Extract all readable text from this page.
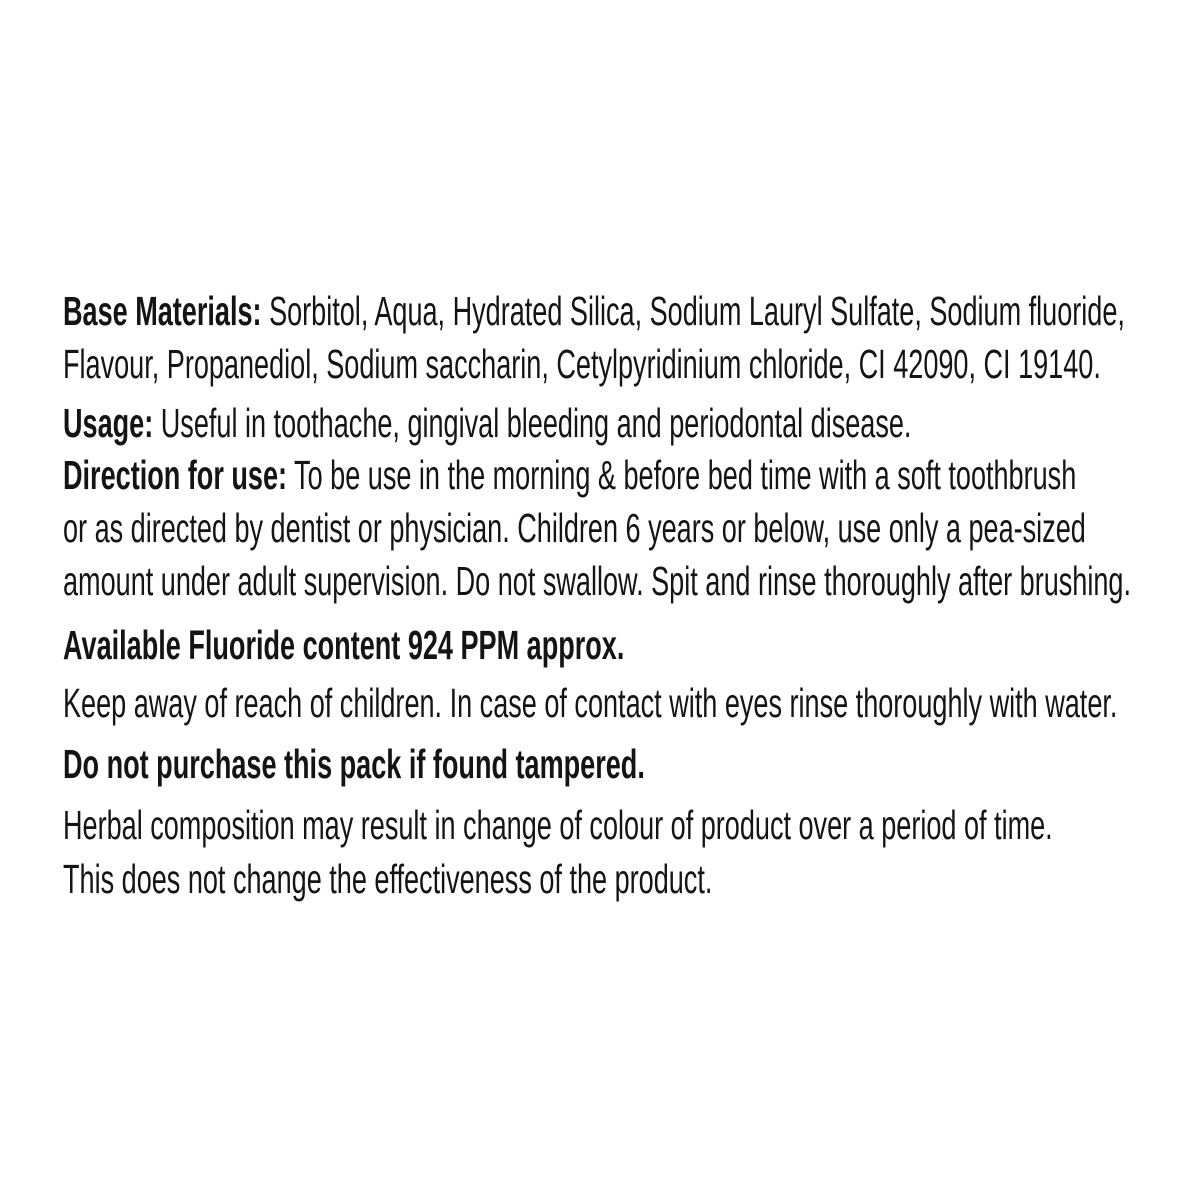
Base Materials: Sorbitol, Aqua, Hydrated Silica, Sodium Lauryl Sulfate, Sodium fluoride,
Flavour, Propanediol, Sodium saccharin, Cetylpyridinium chloride, CI 42090, CI 19140.
Usage: Useful in toothache, gingival bleeding and periodontal disease.
Direction for use: To be use in the morning & before bed time with a soft toothbrush
or as directed by dentist or physician. Children 6 years or below, use only a pea-sized
amount under adult supervision. Do not swallow. Spit and rinse thoroughly after brushing.
Available Fluoride content 924 PPM approx.
Keep away of reach of children. In case of contact with eyes rinse thoroughly with water.
Do not purchase this pack if found tampered.
Herbal composition may result in change of colour of product over a period of time.
This does not change the effectiveness of the product.
